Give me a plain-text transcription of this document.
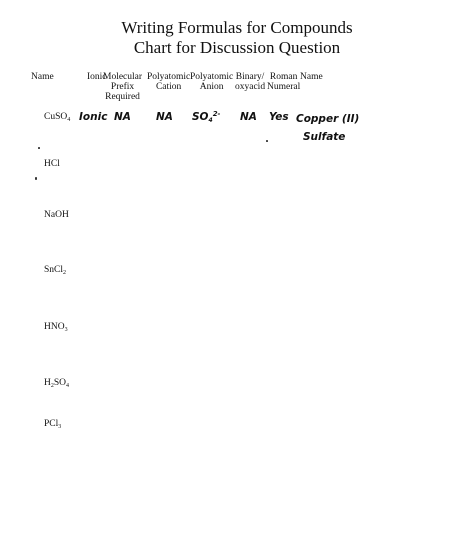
Writing Formulas for Compounds
Chart for Discussion Question
Name	Ionic
Molecular
Prefix
Required
Polyatomic
Cation
Polyatomic
Anion
Binary/
oxyacid
Roman
Numeral
Name
CuSO$_4$
HCl
NaOH
SnCl$_2$
$HNO_3$
$H_2SO_4$
PCl$_3$
Ionic NA NA $SO_4^{2-}$ NA Yes Copper (II)
Sulfate
